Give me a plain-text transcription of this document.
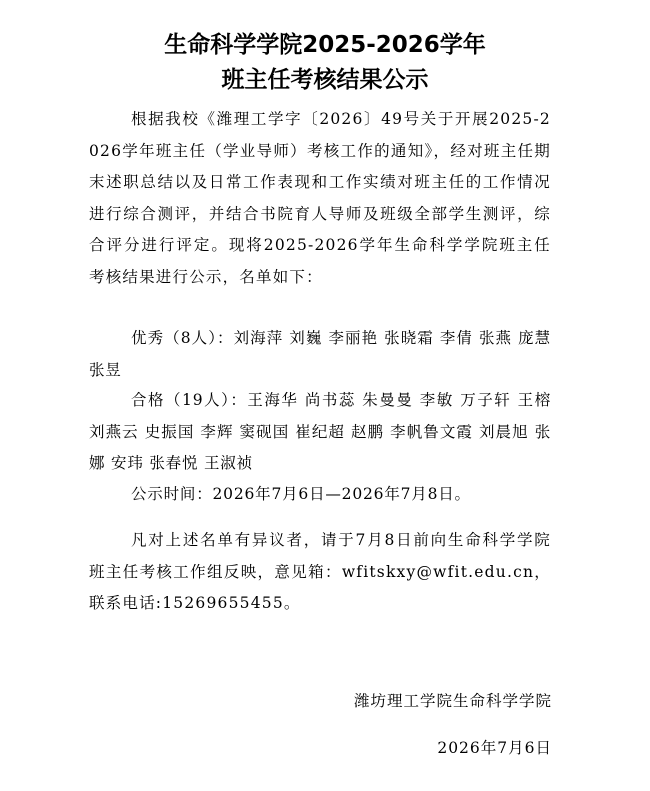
生命科学学院2025-2026学年
班主任考核结果公示
根据我校《潍理工学字〔2026〕49号关于开展2025-2026学年班主任（学业导师）考核工作的通知》，经对班主任期末述职总结以及日常工作表现和工作实绩对班主任的工作情况进行综合测评，并结合书院育人导师及班级全部学生测评，综合评分进行评定。现将2025-2026学年生命科学学院班主任考核结果进行公示，名单如下：
优秀（8人）：刘海萍 刘巍 李丽艳 张晓霜 李倩 张燕 庞慧 张昱
合格（19人）：王海华 尚书蕊 朱曼曼 李敏 万子轩 王榕 刘燕云 史振国 李辉 窦砚国 崔纪超 赵鹏 李帆鲁文霞 刘晨旭 张娜 安玮 张春悦 王淑祯
公示时间：2026年7月6日—2026年7月8日。
凡对上述名单有异议者，请于7月8日前向生命科学学院班主任考核工作组反映，意见箱：wfitskxy@wfit.edu.cn，联系电话:15269655455。
潍坊理工学院生命科学学院
2026年7月6日
